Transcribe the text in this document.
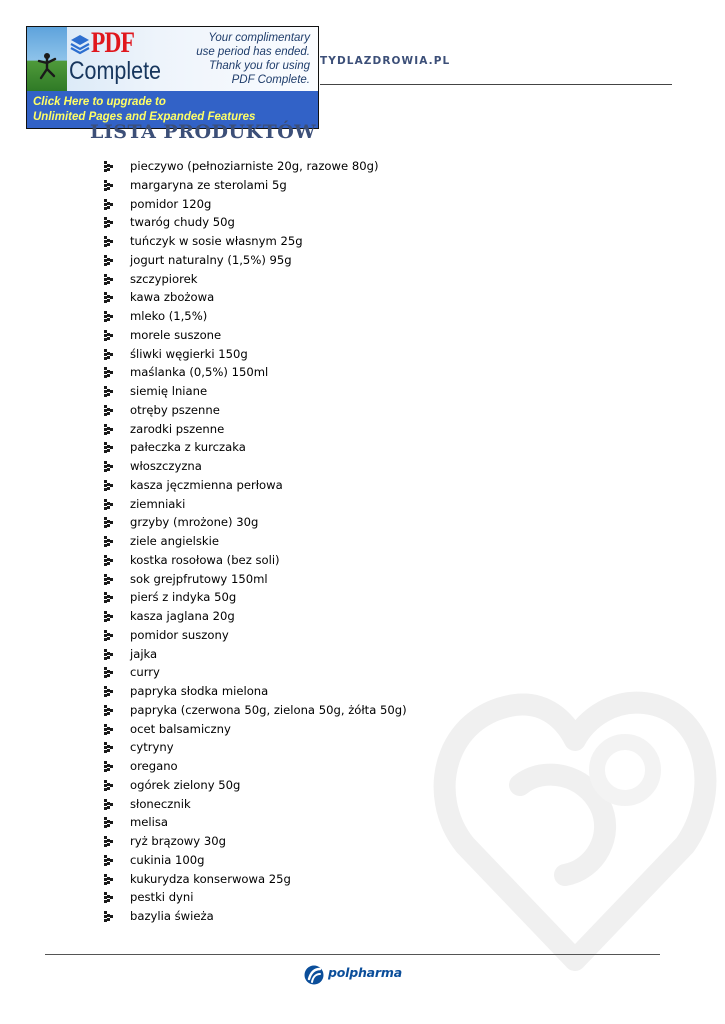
TYDLAZDROWIA.PL
PDF
Complete
Your complimentary
use period has ended.
Thank you for using
PDF Complete.
Click Here to upgrade to
Unlimited Pages and Expanded Features
LISTA PRODUKTÓW
pieczywo (pełnoziarniste 20g, razowe 80g)
margaryna ze sterolami 5g
pomidor 120g
twaróg chudy 50g
tuńczyk w sosie własnym 25g
jogurt naturalny (1,5%) 95g
szczypiorek
kawa zbożowa
mleko (1,5%)
morele suszone
śliwki węgierki 150g
maślanka (0,5%) 150ml
siemię lniane
otręby pszenne
zarodki pszenne
pałeczka z kurczaka
włoszczyzna
kasza jęczmienna perłowa
ziemniaki
grzyby (mrożone) 30g
ziele angielskie
kostka rosołowa (bez soli)
sok grejpfrutowy 150ml
pierś z indyka 50g
kasza jaglana 20g
pomidor suszony
jajka
curry
papryka słodka mielona
papryka (czerwona 50g, zielona 50g, żółta 50g)
ocet balsamiczny
cytryny
oregano
ogórek zielony 50g
słonecznik
melisa
ryż brązowy 30g
cukinia 100g
kukurydza konserwowa 25g
pestki dyni
bazylia świeża
polpharma
